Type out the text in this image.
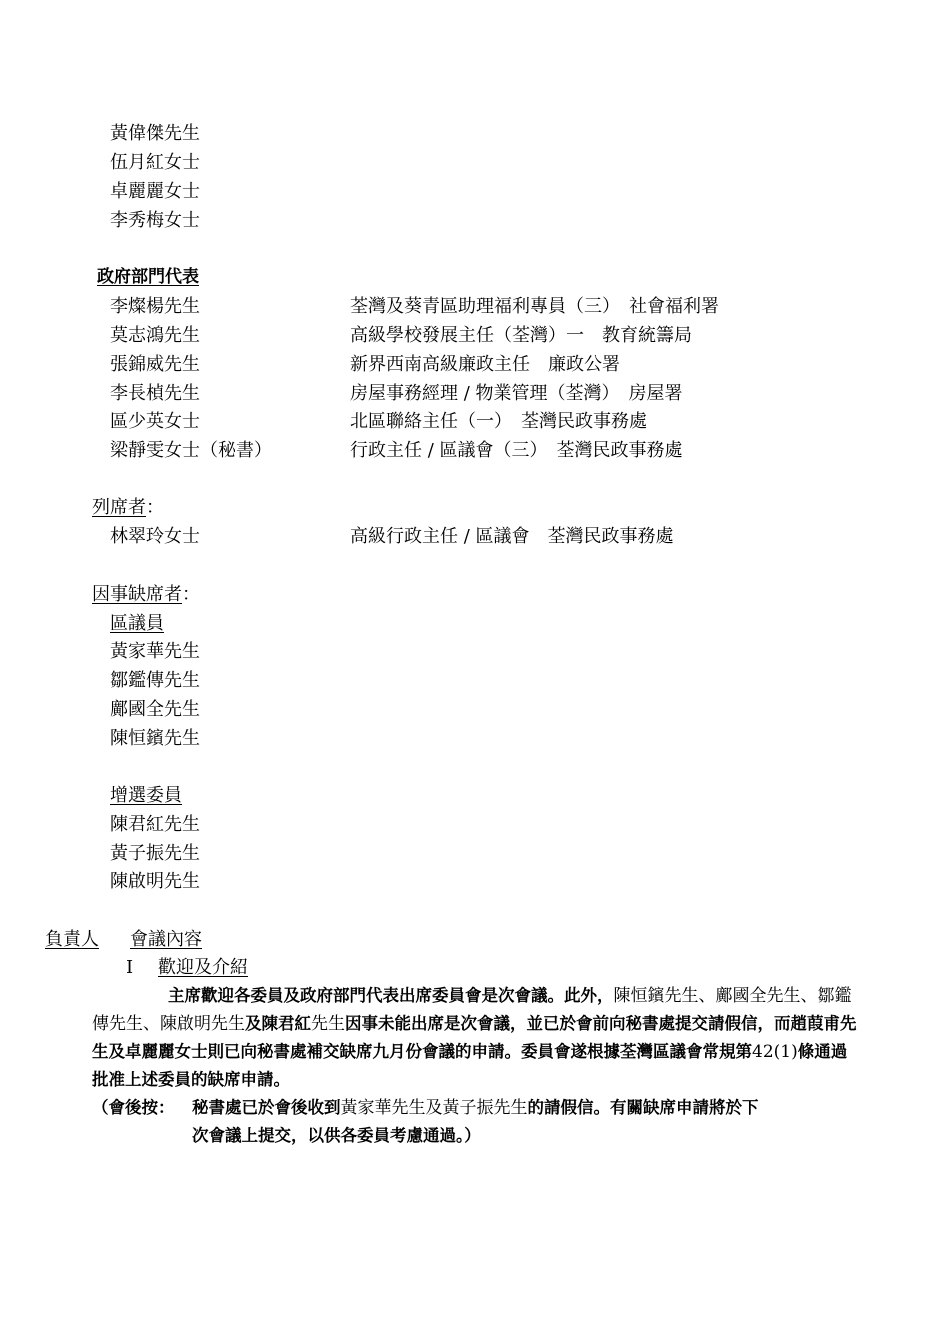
黃偉傑先生
伍月紅女士
卓麗麗女士
李秀梅女士
政府部門代表
李燦楊先生	荃灣及葵青區助理福利專員（三）　社會福利署
莫志鴻先生	高級學校發展主任（荃灣）一　教育統籌局
張錦威先生	新界西南高級廉政主任　廉政公署
李長楨先生	房屋事務經理 / 物業管理（荃灣）　房屋署
區少英女士	北區聯絡主任（一）　荃灣民政事務處
梁靜雯女士（秘書）	行政主任 / 區議會（三）　荃灣民政事務處
列席者：
林翠玲女士	高級行政主任 / 區議會　荃灣民政事務處
因事缺席者：
區議員
黃家華先生
鄒鑑傳先生
鄺國全先生
陳恒鑌先生
增選委員
陳君紅先生
黃子振先生
陳啟明先生
負責人 會議內容
I 歡迎及介紹
主席歡迎各委員及政府部門代表出席委員會是次會議。此外，陳恒鑌先生、鄺國全先生、鄒鑑傳先生、陳啟明先生及陳君紅先生因事未能出席是次會議，並已於會前向秘書處提交請假信，而趙葭甫先生及卓麗麗女士則已向秘書處補交缺席九月份會議的申請。委員會遂根據荃灣區議會常規第42(1)條通過批准上述委員的缺席申請。
（會後按：	秘書處已於會後收到黃家華先生及黃子振先生的請假信。有關缺席申請將於下
次會議上提交，以供各委員考慮通過。）
